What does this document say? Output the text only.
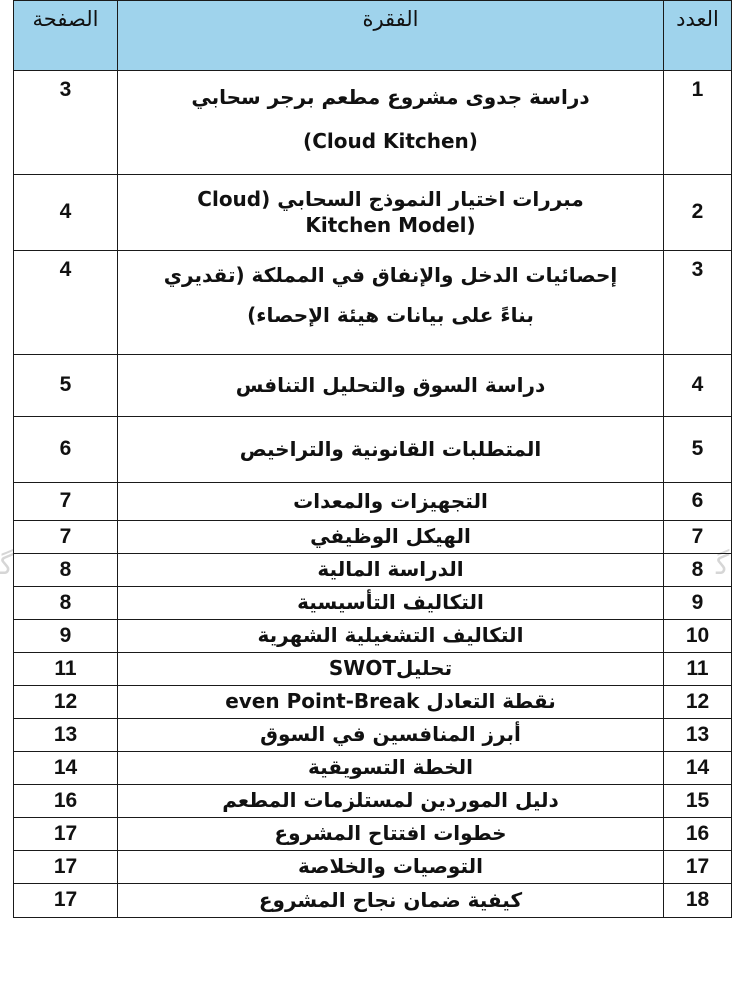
ﮔ	ﮔ
العدد	الفقرة	الصفحة
1	دراسة جدوى مشروع مطعم برجر سحابي
(Cloud Kitchen)	3
2	مبررات اختيار النموذج السحابي (Cloud
Kitchen Model)	4
3	إحصائيات الدخل والإنفاق في المملكة (تقديري
بناءً على بيانات هيئة الإحصاء)	4
4	دراسة السوق والتحليل التنافس	5
5	المتطلبات القانونية والتراخيص	6
6	التجهيزات والمعدات	7
7	الهيكل الوظيفي	7
8	الدراسة المالية	8
9	التكاليف التأسيسية	8
10	التكاليف التشغيلية الشهرية	9
11	تحليلSWOT	11
12	نقطة التعادل even Point-Break	12
13	أبرز المنافسين في السوق	13
14	الخطة التسويقية	14
15	دليل الموردين لمستلزمات المطعم	16
16	خطوات افتتاح المشروع	17
17	التوصيات والخلاصة	17
18	كيفية ضمان نجاح المشروع	17
